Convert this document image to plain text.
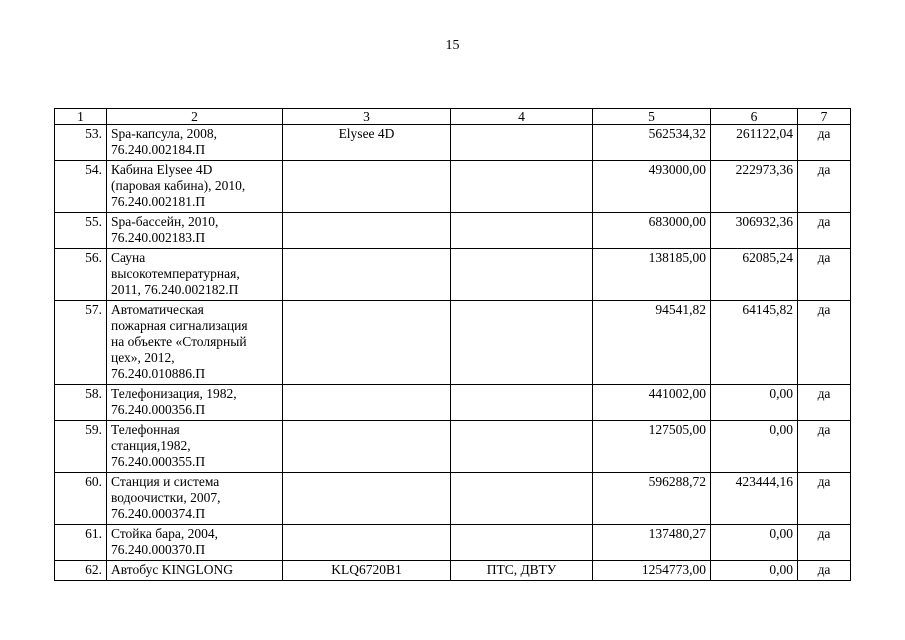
15
1	2	3	4	5	6	7
53.	Spa-капсула, 2008,
76.240.002184.П	Elysee 4D		562534,32	261122,04	да
54.	Кабина Elysee 4D
(паровая кабина), 2010,
76.240.002181.П			493000,00	222973,36	да
55.	Spa-бассейн, 2010,
76.240.002183.П			683000,00	306932,36	да
56.	Сауна
высокотемпературная,
2011, 76.240.002182.П			138185,00	62085,24	да
57.	Автоматическая
пожарная сигнализация
на объекте «Столярный
цех», 2012,
76.240.010886.П			94541,82	64145,82	да
58.	Телефонизация, 1982,
76.240.000356.П			441002,00	0,00	да
59.	Телефонная
станция,1982,
76.240.000355.П			127505,00	0,00	да
60.	Станция и система
водоочистки, 2007,
76.240.000374.П			596288,72	423444,16	да
61.	Стойка бара, 2004,
76.240.000370.П			137480,27	0,00	да
62.	Автобус KINGLONG	KLQ6720B1	ПТС, ДВТУ	1254773,00	0,00	да
